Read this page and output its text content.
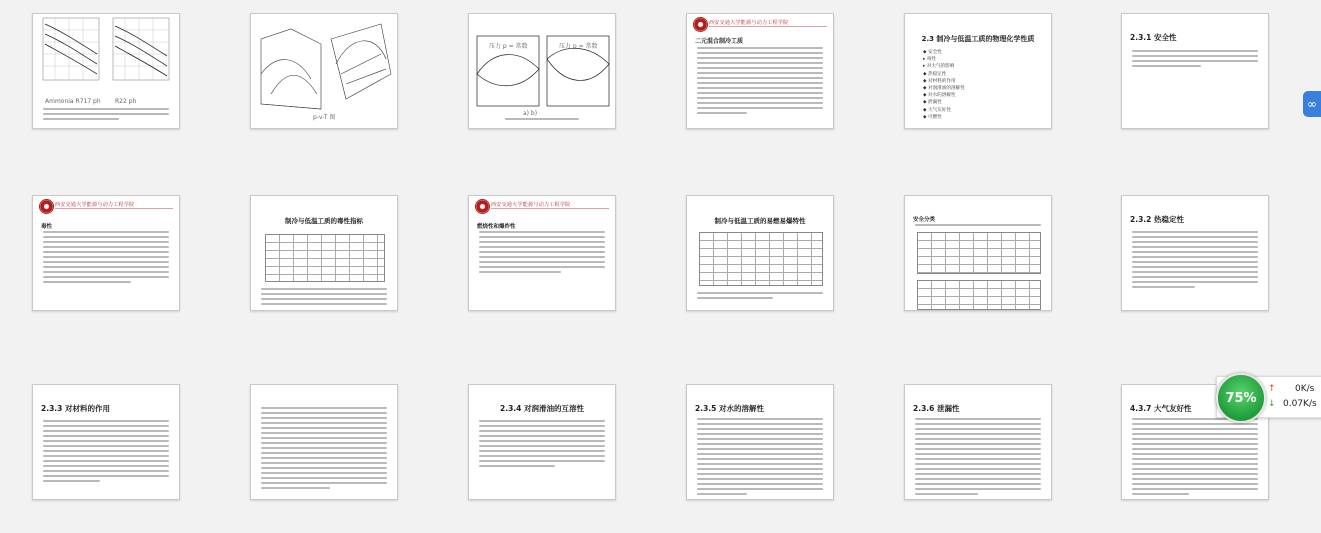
Ammonia R717 ph R22 ph
p-v-T 图
压力 p = 常数	压力 p = 常数
a) b)
西安交通大学能源与动力工程学院
二元混合制冷工质	2.3 制冷与低温工质的物理化学性质
◆ 安全性
▸ 毒性
▸ 对大气的影响
◆ 热稳定性
◆ 对材料的作用
◆ 对润滑油的溶解性
◆ 对水的溶解性
◆ 泄漏性
◆ 大气友好性
◆ 可燃性
2.3.1 安全性
西安交通大学能源与动力工程学院
毒性
制冷与低温工质的毒性指标
西安交通大学能源与动力工程学院
燃烧性和爆炸性
制冷与低温工质的易燃易爆特性	安全分类	2.3.2 热稳定性
2.3.3 对材料的作用	2.3.4 对润滑油的互溶性	2.3.5 对水的溶解性	2.3.6 泄漏性	4.3.7 大气友好性
∞
75%
↑ 0K/s
↓ 0.07K/s
